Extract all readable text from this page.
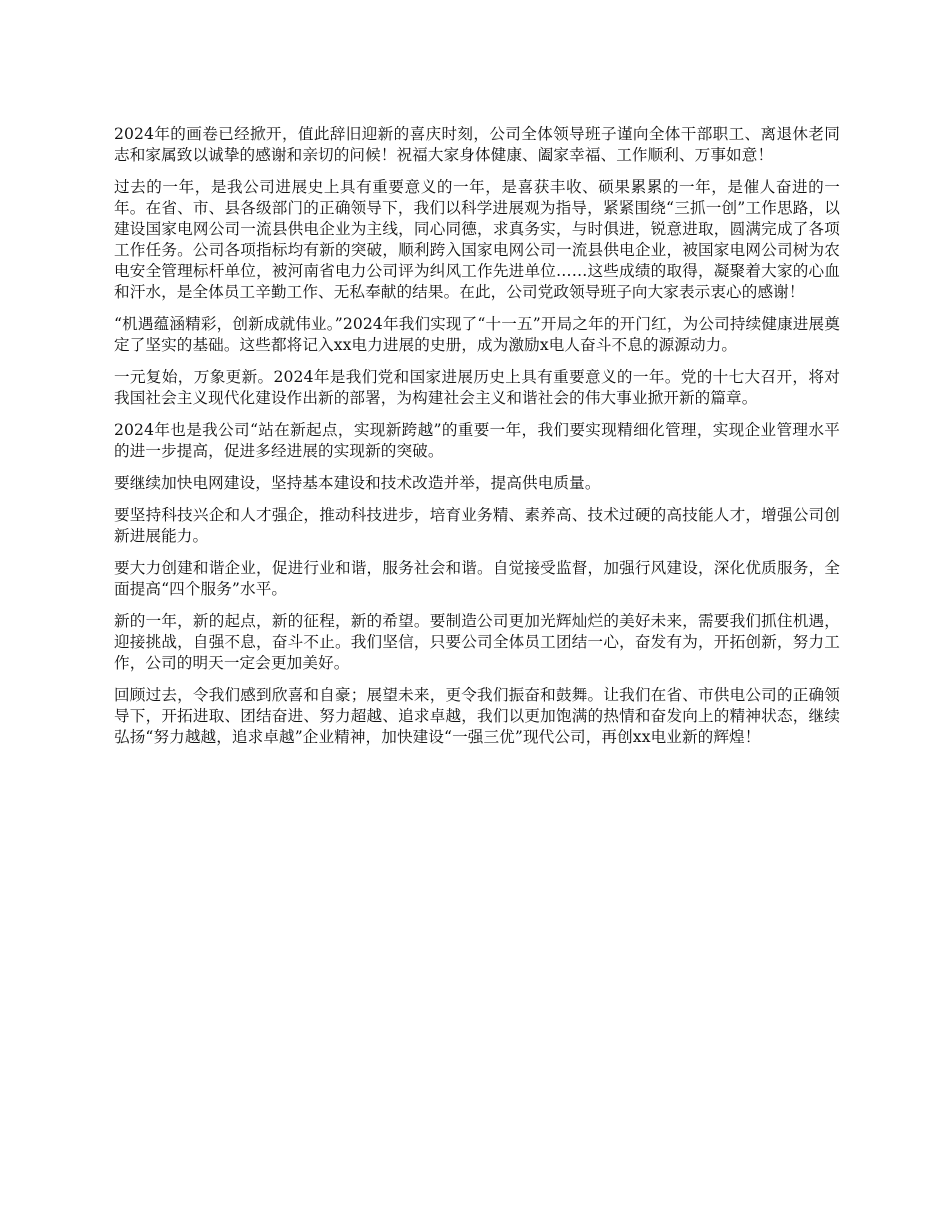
2024年的画卷已经掀开，值此辞旧迎新的喜庆时刻，公司全体领导班子谨向全体干部职工、离退休老同志和家属致以诚挚的感谢和亲切的问候！祝福大家身体健康、阖家幸福、工作顺利、万事如意！

过去的一年，是我公司进展史上具有重要意义的一年，是喜获丰收、硕果累累的一年，是催人奋进的一年。在省、市、县各级部门的正确领导下，我们以科学进展观为指导，紧紧围绕“三抓一创”工作思路，以建设国家电网公司一流县供电企业为主线，同心同德，求真务实，与时俱进，锐意进取，圆满完成了各项工作任务。公司各项指标均有新的突破，顺利跨入国家电网公司一流县供电企业，被国家电网公司树为农电安全管理标杆单位，被河南省电力公司评为纠风工作先进单位……这些成绩的取得，凝聚着大家的心血和汗水，是全体员工辛勤工作、无私奉献的结果。在此，公司党政领导班子向大家表示衷心的感谢！

“机遇蕴涵精彩，创新成就伟业。”2024年我们实现了“十一五”开局之年的开门红，为公司持续健康进展奠定了坚实的基础。这些都将记入xx电力进展的史册，成为激励x电人奋斗不息的源源动力。

一元复始，万象更新。2024年是我们党和国家进展历史上具有重要意义的一年。党的十七大召开，将对我国社会主义现代化建设作出新的部署，为构建社会主义和谐社会的伟大事业掀开新的篇章。

2024年也是我公司“站在新起点，实现新跨越”的重要一年，我们要实现精细化管理，实现企业管理水平的进一步提高，促进多经进展的实现新的突破。

要继续加快电网建设，坚持基本建设和技术改造并举，提高供电质量。

要坚持科技兴企和人才强企，推动科技进步，培育业务精、素养高、技术过硬的高技能人才，增强公司创新进展能力。

要大力创建和谐企业，促进行业和谐，服务社会和谐。自觉接受监督，加强行风建设，深化优质服务，全面提高“四个服务”水平。

新的一年，新的起点，新的征程，新的希望。要制造公司更加光辉灿烂的美好未来，需要我们抓住机遇，迎接挑战，自强不息，奋斗不止。我们坚信，只要公司全体员工团结一心，奋发有为，开拓创新，努力工作，公司的明天一定会更加美好。

回顾过去，令我们感到欣喜和自豪；展望未来，更令我们振奋和鼓舞。让我们在省、市供电公司的正确领导下，开拓进取、团结奋进、努力超越、追求卓越，我们以更加饱满的热情和奋发向上的精神状态，继续弘扬“努力越越，追求卓越”企业精神，加快建设“一强三优”现代公司，再创xx电业新的辉煌！
